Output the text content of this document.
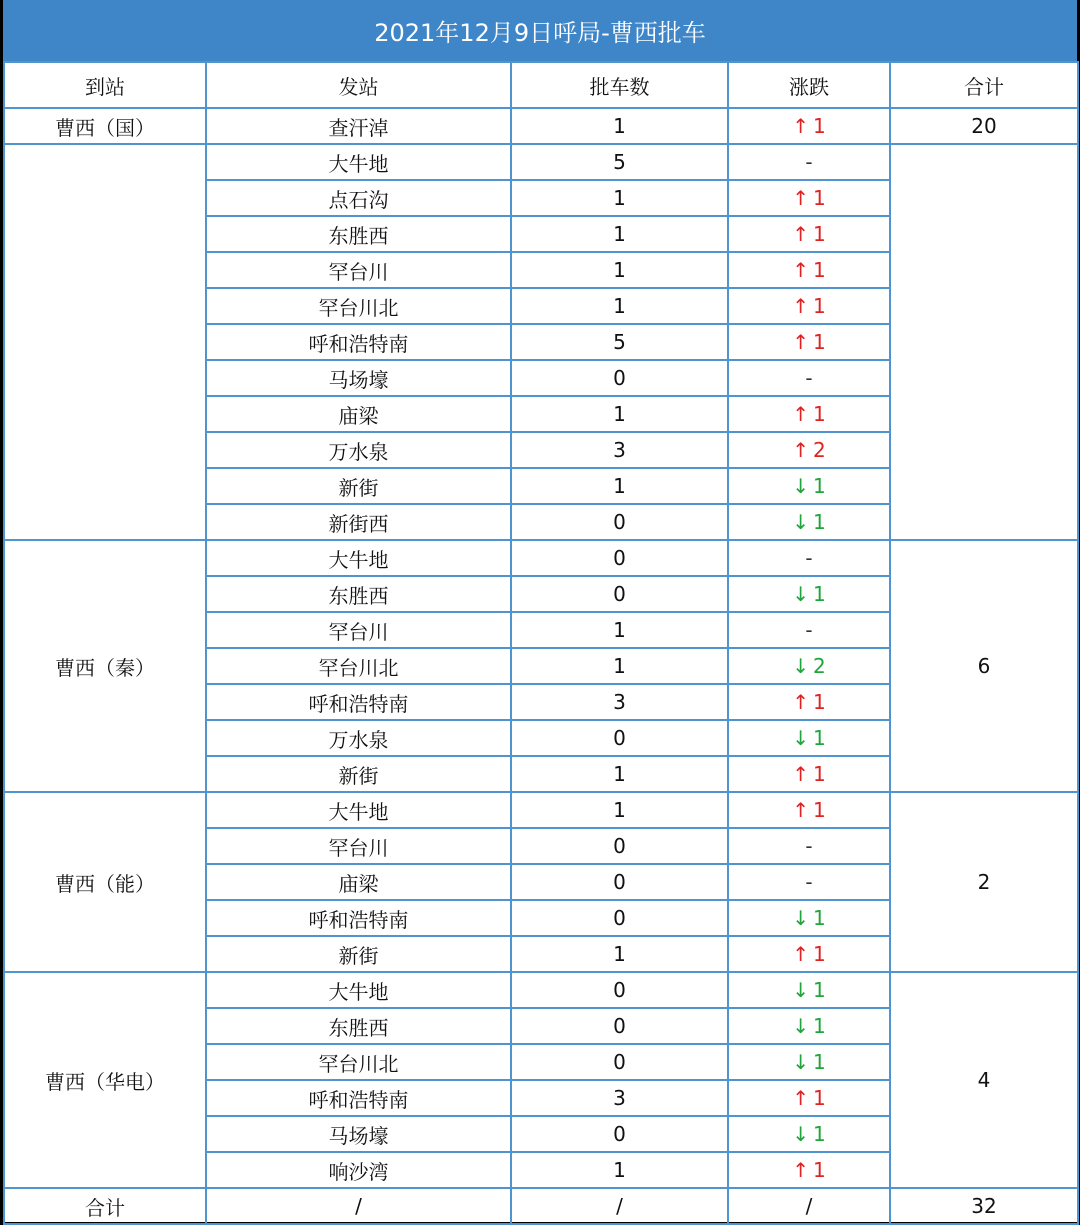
2021年12月9日呼局-曹西批车
到站	发站	批车数	涨跌	合计
曹西（国）	查汗淖	1	↑ 1	20
	大牛地	5	-	
	点石沟	1	↑ 1	
	东胜西	1	↑ 1	
	罕台川	1	↑ 1	
	罕台川北	1	↑ 1	
	呼和浩特南	5	↑ 1	
	马场壕	0	-	
	庙梁	1	↑ 1	
	万水泉	3	↑ 2	
	新街	1	↓ 1	
	新街西	0	↓ 1	
曹西（秦）	大牛地	0	-	6
	东胜西	0	↓ 1	
	罕台川	1	-	
	罕台川北	1	↓ 2	
	呼和浩特南	3	↑ 1	
	万水泉	0	↓ 1	
	新街	1	↑ 1	
曹西（能）	大牛地	1	↑ 1	2
	罕台川	0	-	
	庙梁	0	-	
	呼和浩特南	0	↓ 1	
	新街	1	↑ 1	
曹西（华电）	大牛地	0	↓ 1	4
	东胜西	0	↓ 1	
	罕台川北	0	↓ 1	
	呼和浩特南	3	↑ 1	
	马场壕	0	↓ 1	
	响沙湾	1	↑ 1	
合计	/	/	/	32
